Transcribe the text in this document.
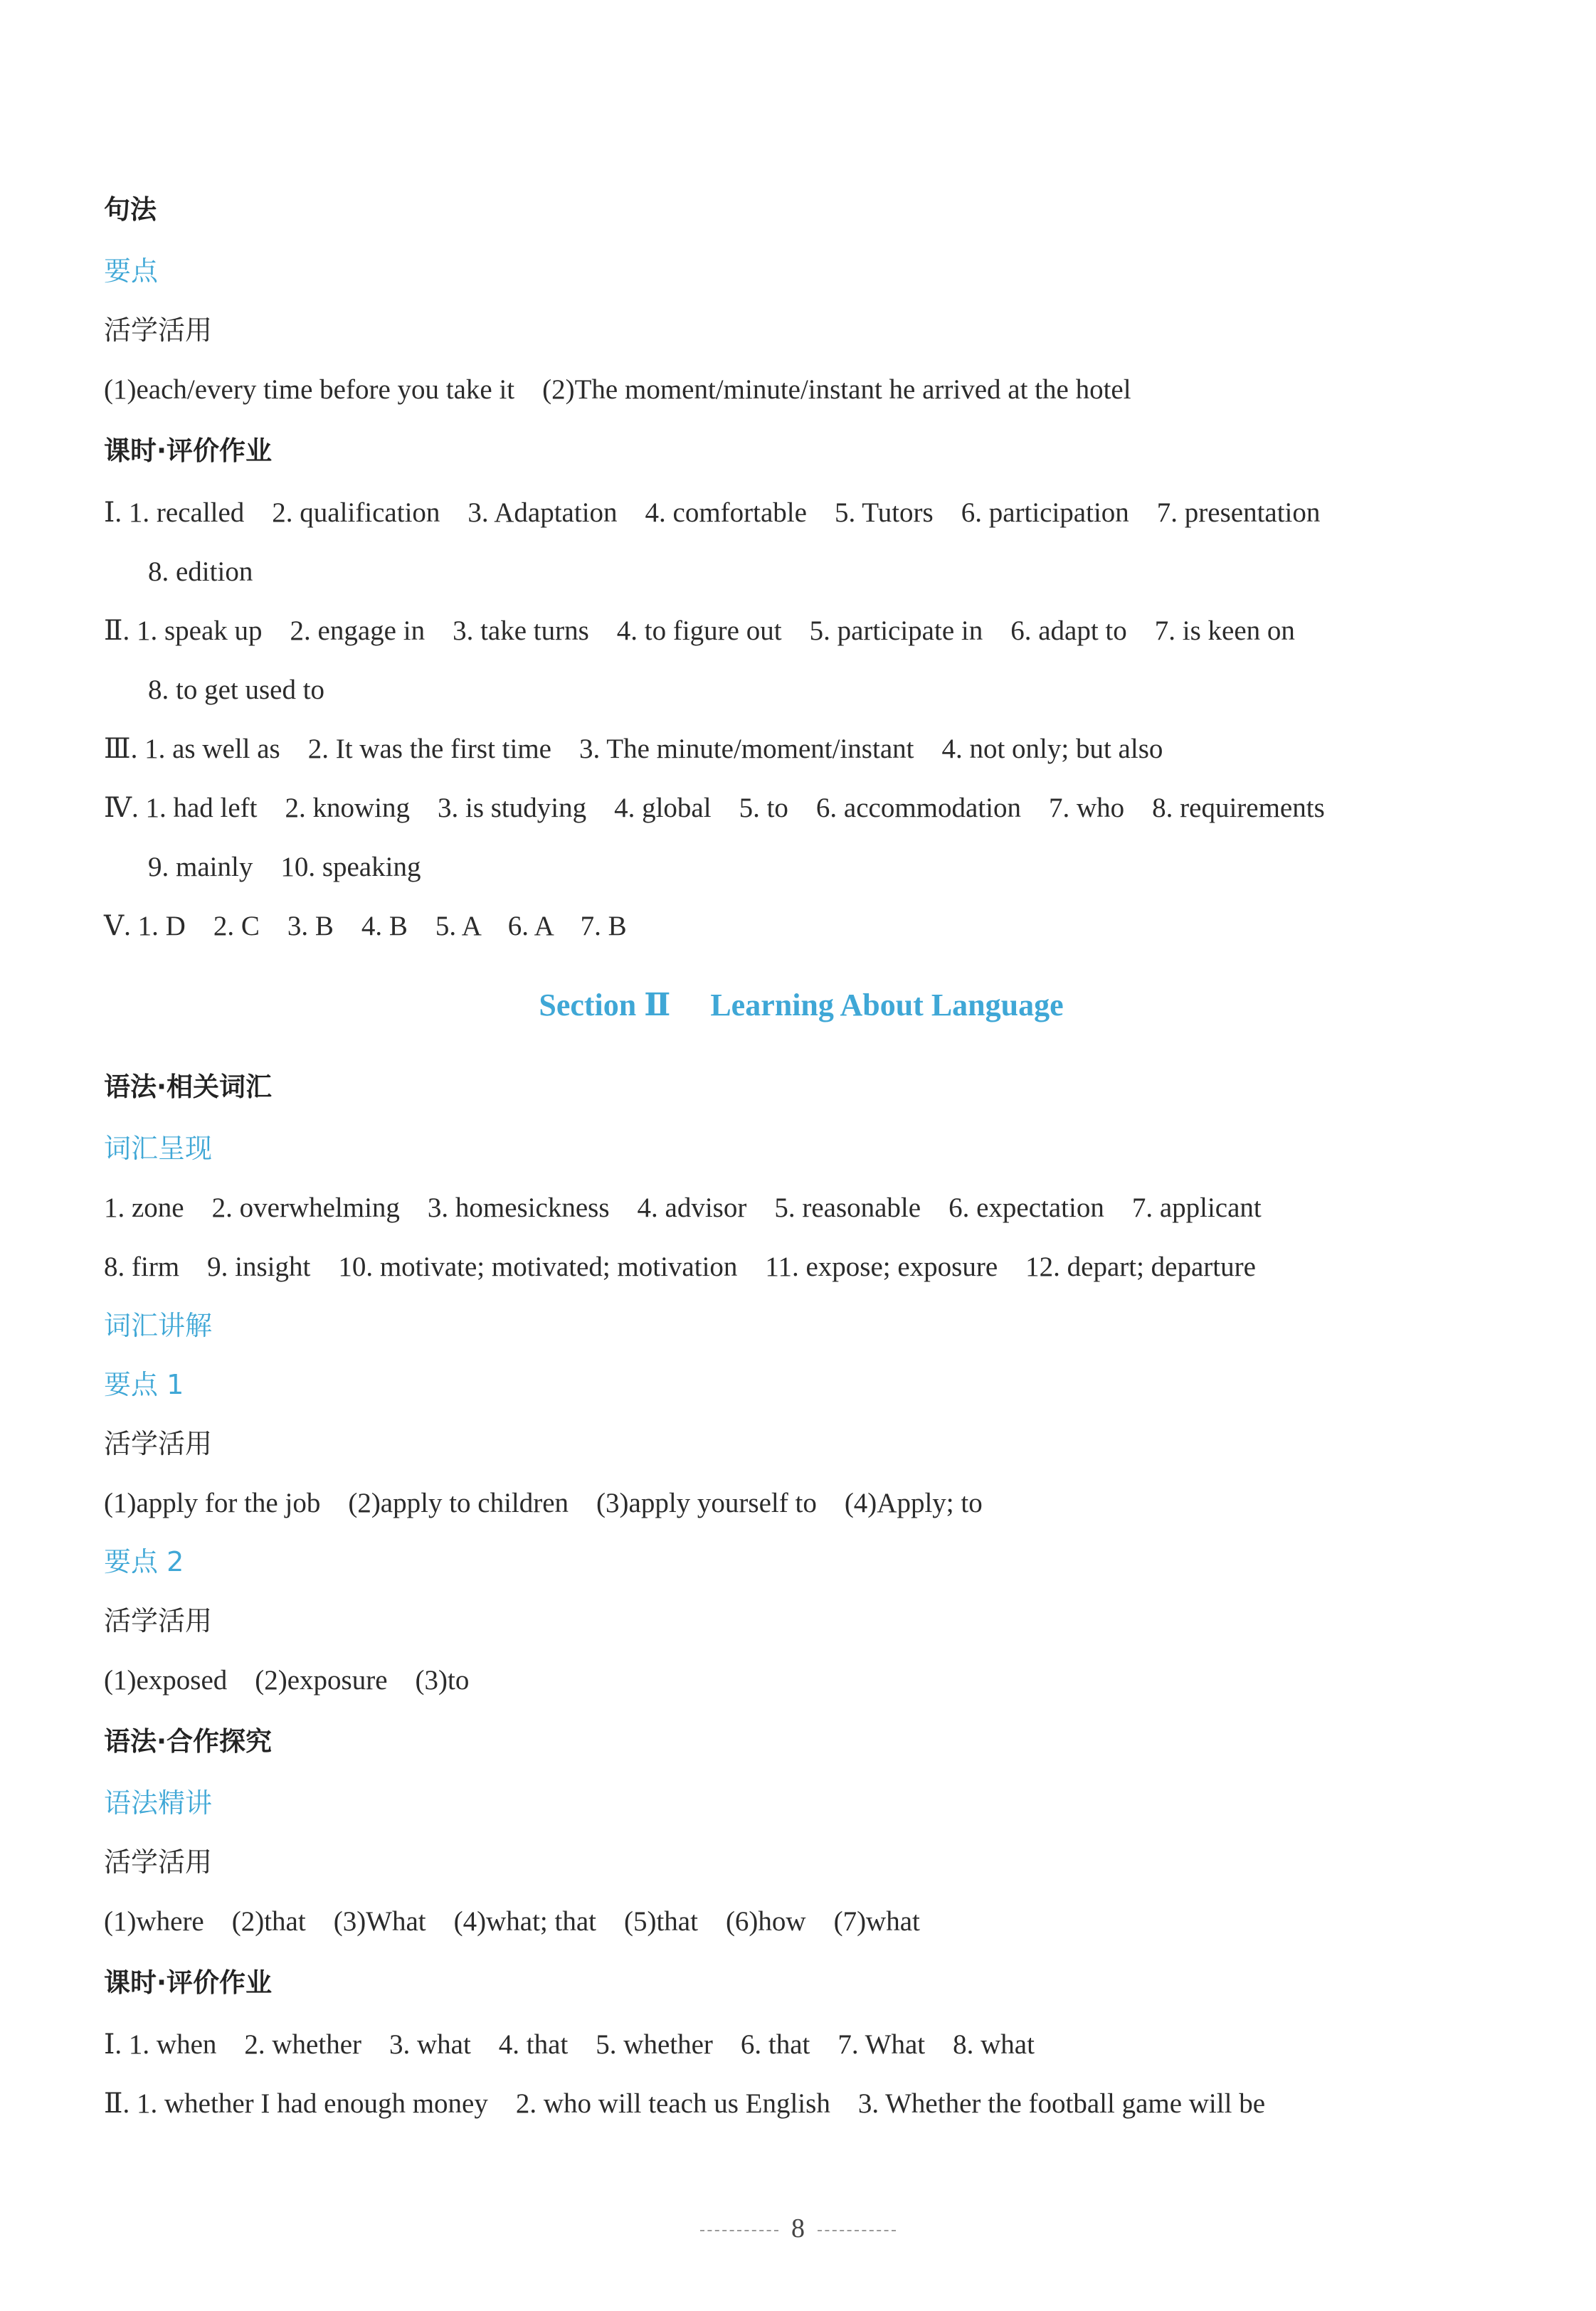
句法
要点
活学活用
(1)each/every time before you take it　(2)The moment/minute/instant he arrived at the hotel
课时·评价作业
Ⅰ. 1. recalled　2. qualification　3. Adaptation　4. comfortable　5. Tutors　6. participation　7. presentation
8. edition
Ⅱ. 1. speak up　2. engage in　3. take turns　4. to figure out　5. participate in　6. adapt to　7. is keen on
8. to get used to
Ⅲ. 1. as well as　2. It was the first time　3. The minute/moment/instant　4. not only; but also
Ⅳ. 1. had left　2. knowing　3. is studying　4. global　5. to　6. accommodation　7. who　8. requirements
9. mainly　10. speaking
Ⅴ. 1. D　2. C　3. B　4. B　5. A　6. A　7. B
Section Ⅱ Learning About Language
语法·相关词汇
词汇呈现
1. zone　2. overwhelming　3. homesickness　4. advisor　5. reasonable　6. expectation　7. applicant
8. firm　9. insight　10. motivate; motivated; motivation　11. expose; exposure　12. depart; departure
词汇讲解
要点 1
活学活用
(1)apply for the job　(2)apply to children　(3)apply yourself to　(4)Apply; to
要点 2
活学活用
(1)exposed　(2)exposure　(3)to
语法·合作探究
语法精讲
活学活用
(1)where　(2)that　(3)What　(4)what; that　(5)that　(6)how　(7)what
课时·评价作业
Ⅰ. 1. when　2. whether　3. what　4. that　5. whether　6. that　7. What　8. what
Ⅱ. 1. whether I had enough money　2. who will teach us English　3. Whether the football game will be
8
